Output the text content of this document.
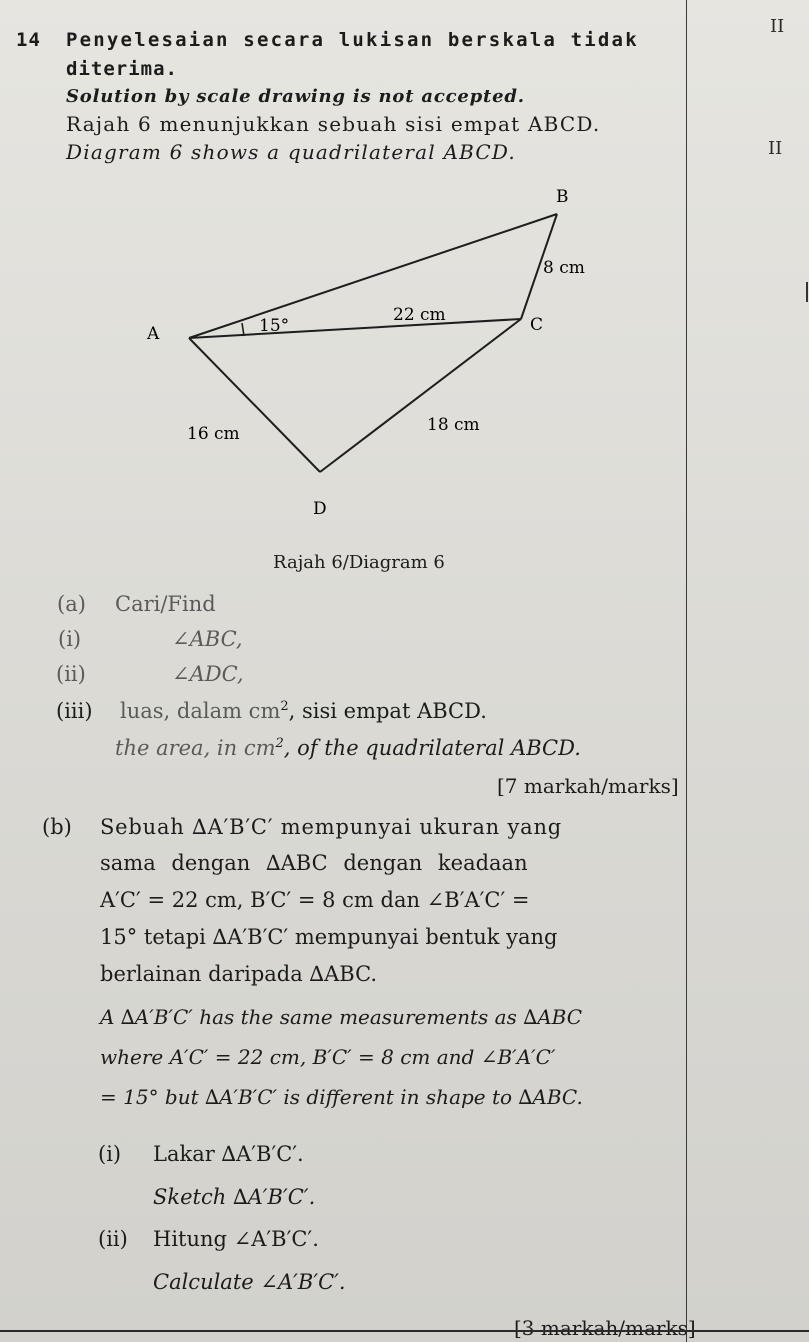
II
II
14 Penyelesaian secara lukisan berskala tidak
diterima.
Solution by scale drawing is not accepted.
Rajah 6 menunjukkan sebuah sisi empat ABCD.
Diagram 6 shows a quadrilateral ABCD.
B
8 cm
A	15°
22 cm	C
16 cm	18 cm
D
Rajah 6/Diagram 6
(a) Cari/Find
(i)	∠ABC,
(ii)	∠ADC,
(iii) luas, dalam $cm^2$, sisi empat ABCD.
the area, in $cm^2$, of the quadrilateral ABCD.
[7 markah/marks]
(b) Sebuah ∆A′B′C′ mempunyai ukuran yang
sama dengan ∆ABC dengan keadaan
A′C′ = 22 cm, B′C′ = 8 cm dan ∠B′A′C′ =
15° tetapi ∆A′B′C′ mempunyai bentuk yang
berlainan daripada ∆ABC.
A ∆A′B′C′ has the same measurements as ∆ABC
where A′C′ = 22 cm, B′C′ = 8 cm and ∠B′A′C′
= 15° but ∆A′B′C′ is different in shape to ∆ABC.
(i) Lakar ∆A′B′C′.
Sketch ∆A′B′C′.
(ii) Hitung ∠A′B′C′.
Calculate ∠A′B′C′.
[3 markah/marks]
